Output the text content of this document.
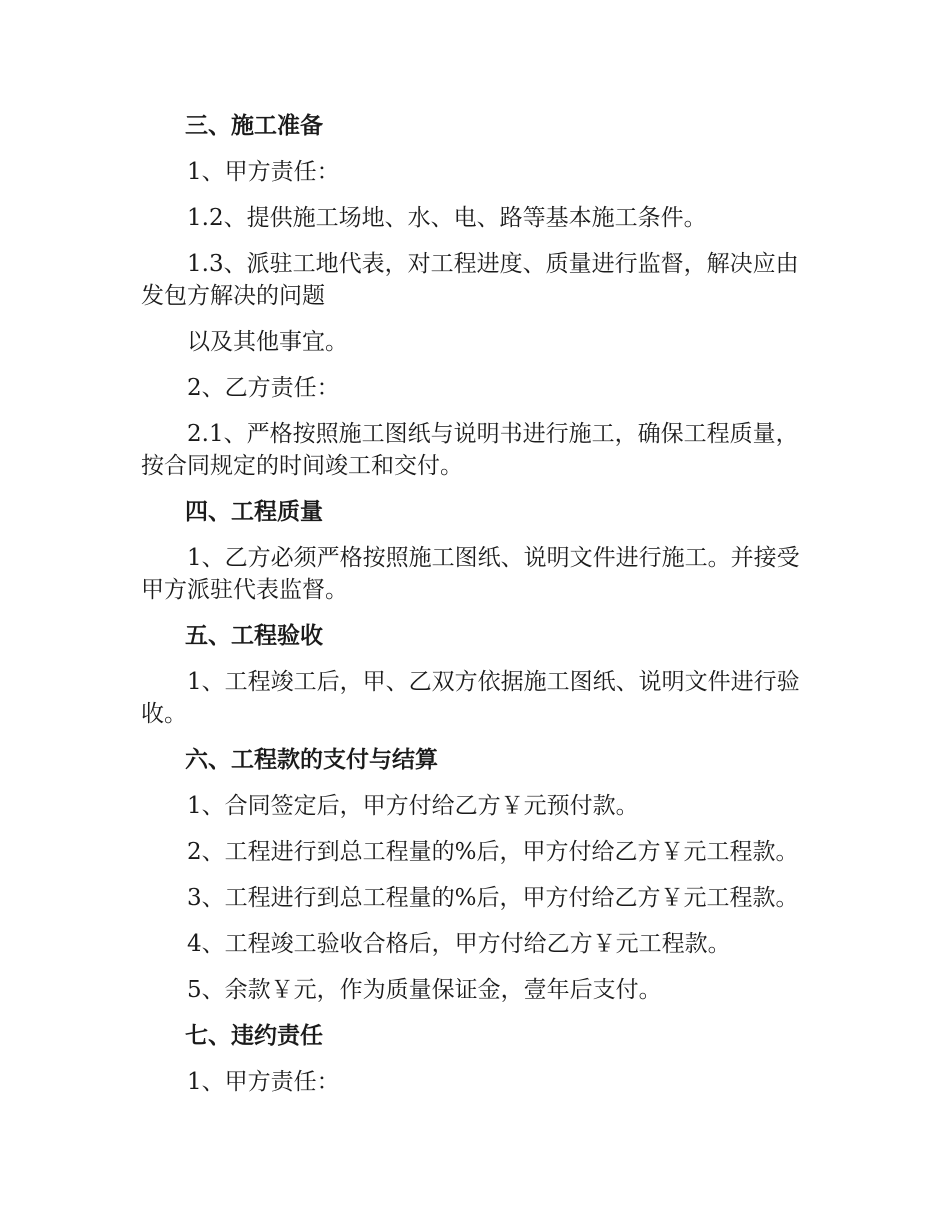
三、施工准备

1、甲方责任：

1.2、提供施工场地、水、电、路等基本施工条件。

1.3、派驻工地代表，对工程进度、质量进行监督，解决应由发包方解决的问题

以及其他事宜。

2、乙方责任：

2.1、严格按照施工图纸与说明书进行施工，确保工程质量，按合同规定的时间竣工和交付。

四、工程质量

1、乙方必须严格按照施工图纸、说明文件进行施工。并接受甲方派驻代表监督。

五、工程验收

1、工程竣工后，甲、乙双方依据施工图纸、说明文件进行验收。

六、工程款的支付与结算

1、合同签定后，甲方付给乙方￥元预付款。

2、工程进行到总工程量的%后，甲方付给乙方￥元工程款。

3、工程进行到总工程量的%后，甲方付给乙方￥元工程款。

4、工程竣工验收合格后，甲方付给乙方￥元工程款。

5、余款￥元，作为质量保证金，壹年后支付。

七、违约责任

1、甲方责任：
